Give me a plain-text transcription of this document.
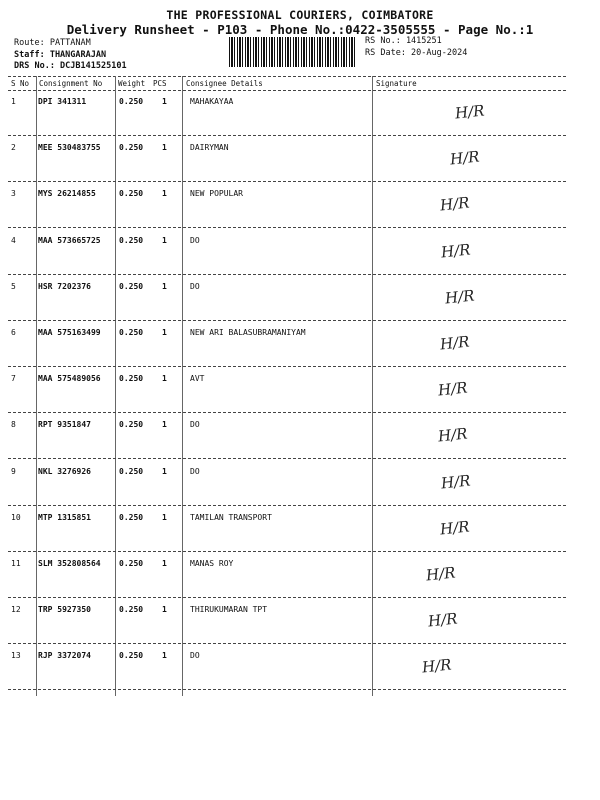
THE PROFESSIONAL COURIERS, COIMBATORE
Delivery Runsheet - P103 - Phone No.:0422-3505555 - Page No.:1
Route: PATTANAM
Staff: THANGARAJAN
DRS No.: DCJB141525101
RS No.: 1415251
RS Date: 20-Aug-2024
S No Consignment No Weight PCS	Consignee Details	Signature
1	DPI 341311	0.250 1	MAHAKAYAA
H/R
2	MEE 530483755 0.250 1	DAIRYMAN
H/R
3	MYS 26214855	0.250 1	NEW POPULAR
H/R
4	MAA 573665725 0.250 1	DO
H/R
5	HSR 7202376	0.250 1	DO
H/R
6	MAA 575163499 0.250 1	NEW ARI BALASUBRAMANIYAM
H/R
7	MAA 575489056 0.250 1	AVT
H/R
8	RPT 9351847	0.250 1	DO
H/R
9	NKL 3276926	0.250 1	DO
H/R
10 MTP 1315851	0.250 1	TAMILAN TRANSPORT
H/R
11 SLM 352808564 0.250 1	MANAS ROY
H/R
12 TRP 5927350	0.250 1	THIRUKUMARAN TPT
H/R
13 RJP 3372074	0.250 1	DO
H/R
